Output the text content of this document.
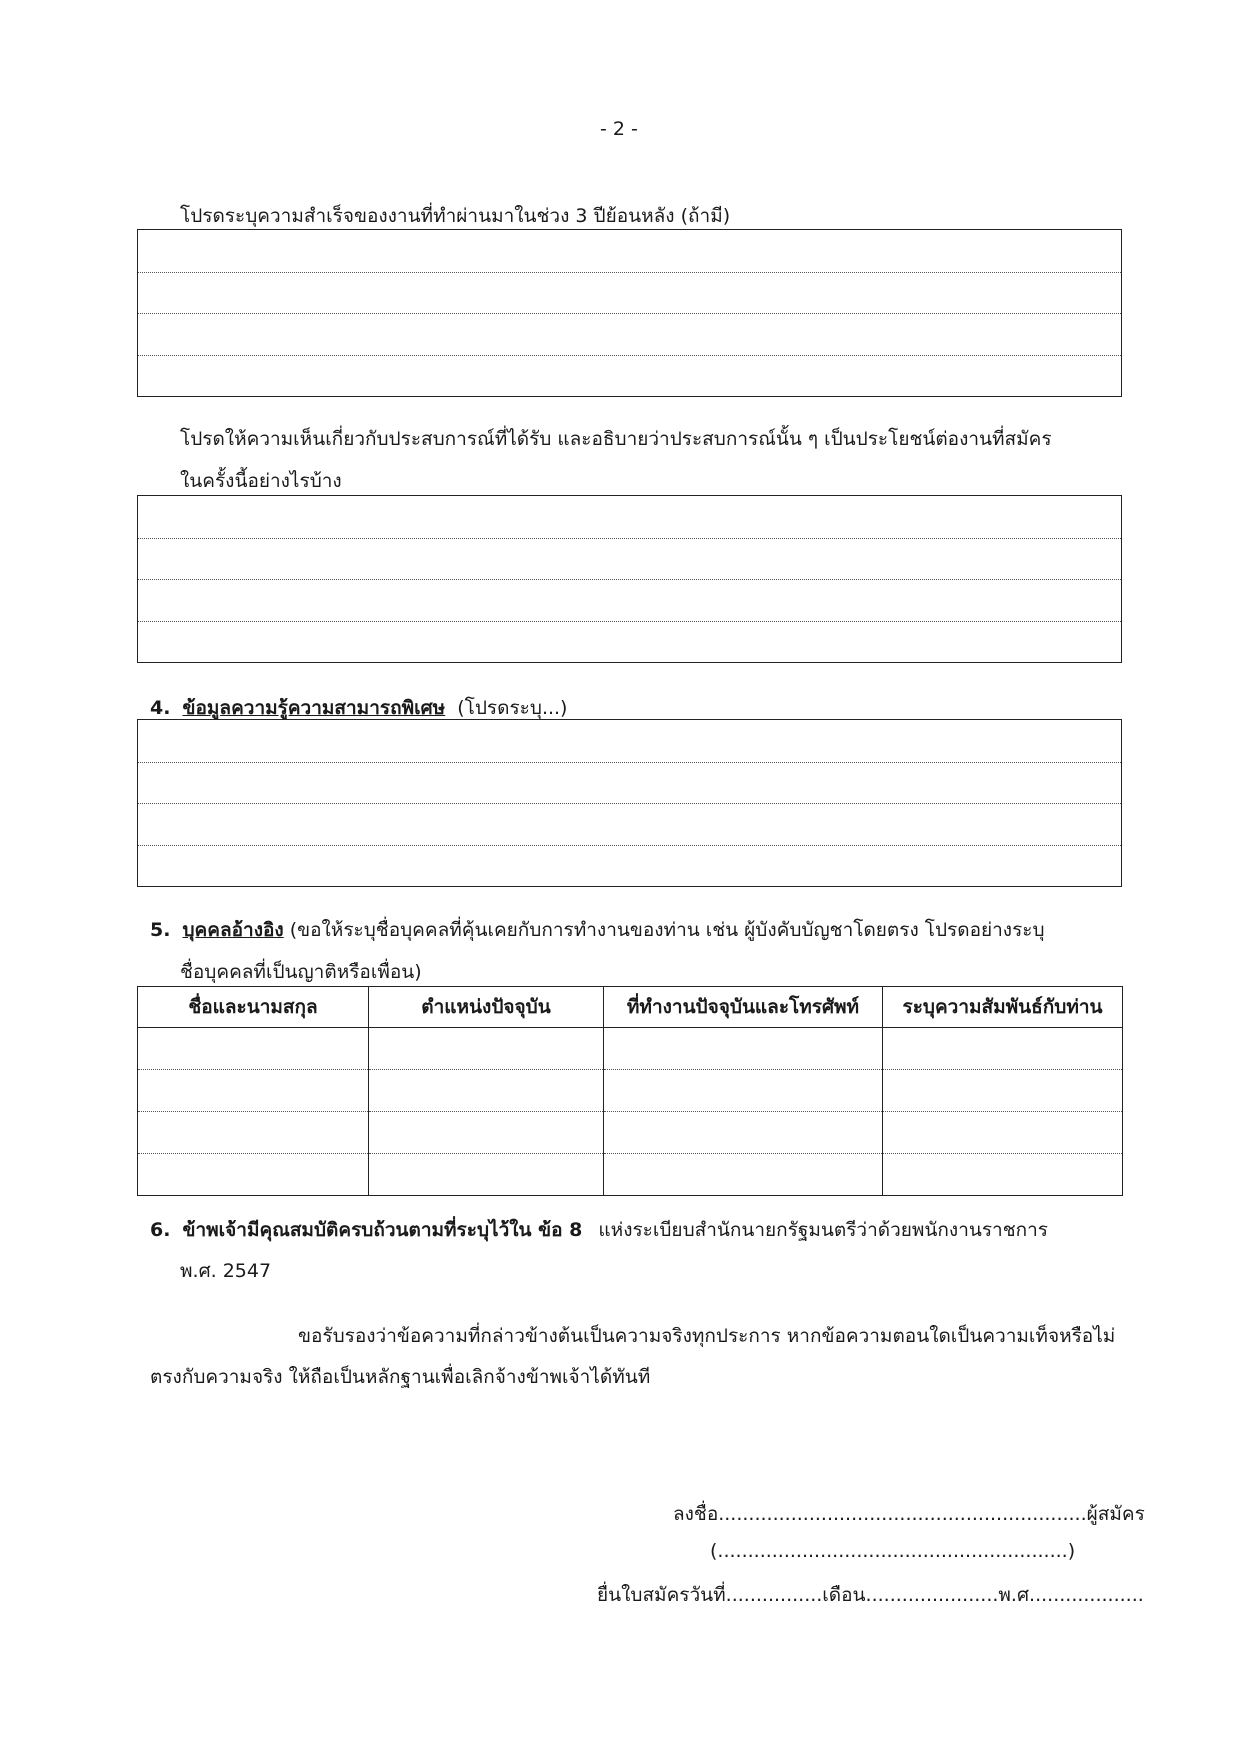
- 2 -
โปรดระบุความสำเร็จของงานที่ทำผ่านมาในช่วง 3 ปีย้อนหลัง (ถ้ามี)
โปรดให้ความเห็นเกี่ยวกับประสบการณ์ที่ได้รับ และอธิบายว่าประสบการณ์นั้น ๆ เป็นประโยชน์ต่องานที่สมัคร
ในครั้งนี้อย่างไรบ้าง
4. ข้อมูลความรู้ความสามารถพิเศษ (โปรดระบุ...)
5. บุคคลอ้างอิง (ขอให้ระบุชื่อบุคคลที่คุ้นเคยกับการทำงานของท่าน เช่น ผู้บังคับบัญชาโดยตรง โปรดอย่างระบุ
ชื่อบุคคลที่เป็นญาติหรือเพื่อน)
ชื่อและนามสกุล	ตำแหน่งปัจจุบัน	ที่ทำงานปัจจุบันและโทรศัพท์	ระบุความสัมพันธ์กับท่าน

6. ข้าพเจ้ามีคุณสมบัติครบถ้วนตามที่ระบุไว้ใน ข้อ 8 แห่งระเบียบสำนักนายกรัฐมนตรีว่าด้วยพนักงานราชการ
พ.ศ. 2547
ขอรับรองว่าข้อความที่กล่าวข้างต้นเป็นความจริงทุกประการ หากข้อความตอนใดเป็นความเท็จหรือไม่
ตรงกับความจริง ให้ถือเป็นหลักฐานเพื่อเลิกจ้างข้าพเจ้าได้ทันที
ลงชื่อ.............................................................ผู้สมัคร
(..........................................................)
ยื่นใบสมัครวันที่................เดือน......................พ.ศ...................
